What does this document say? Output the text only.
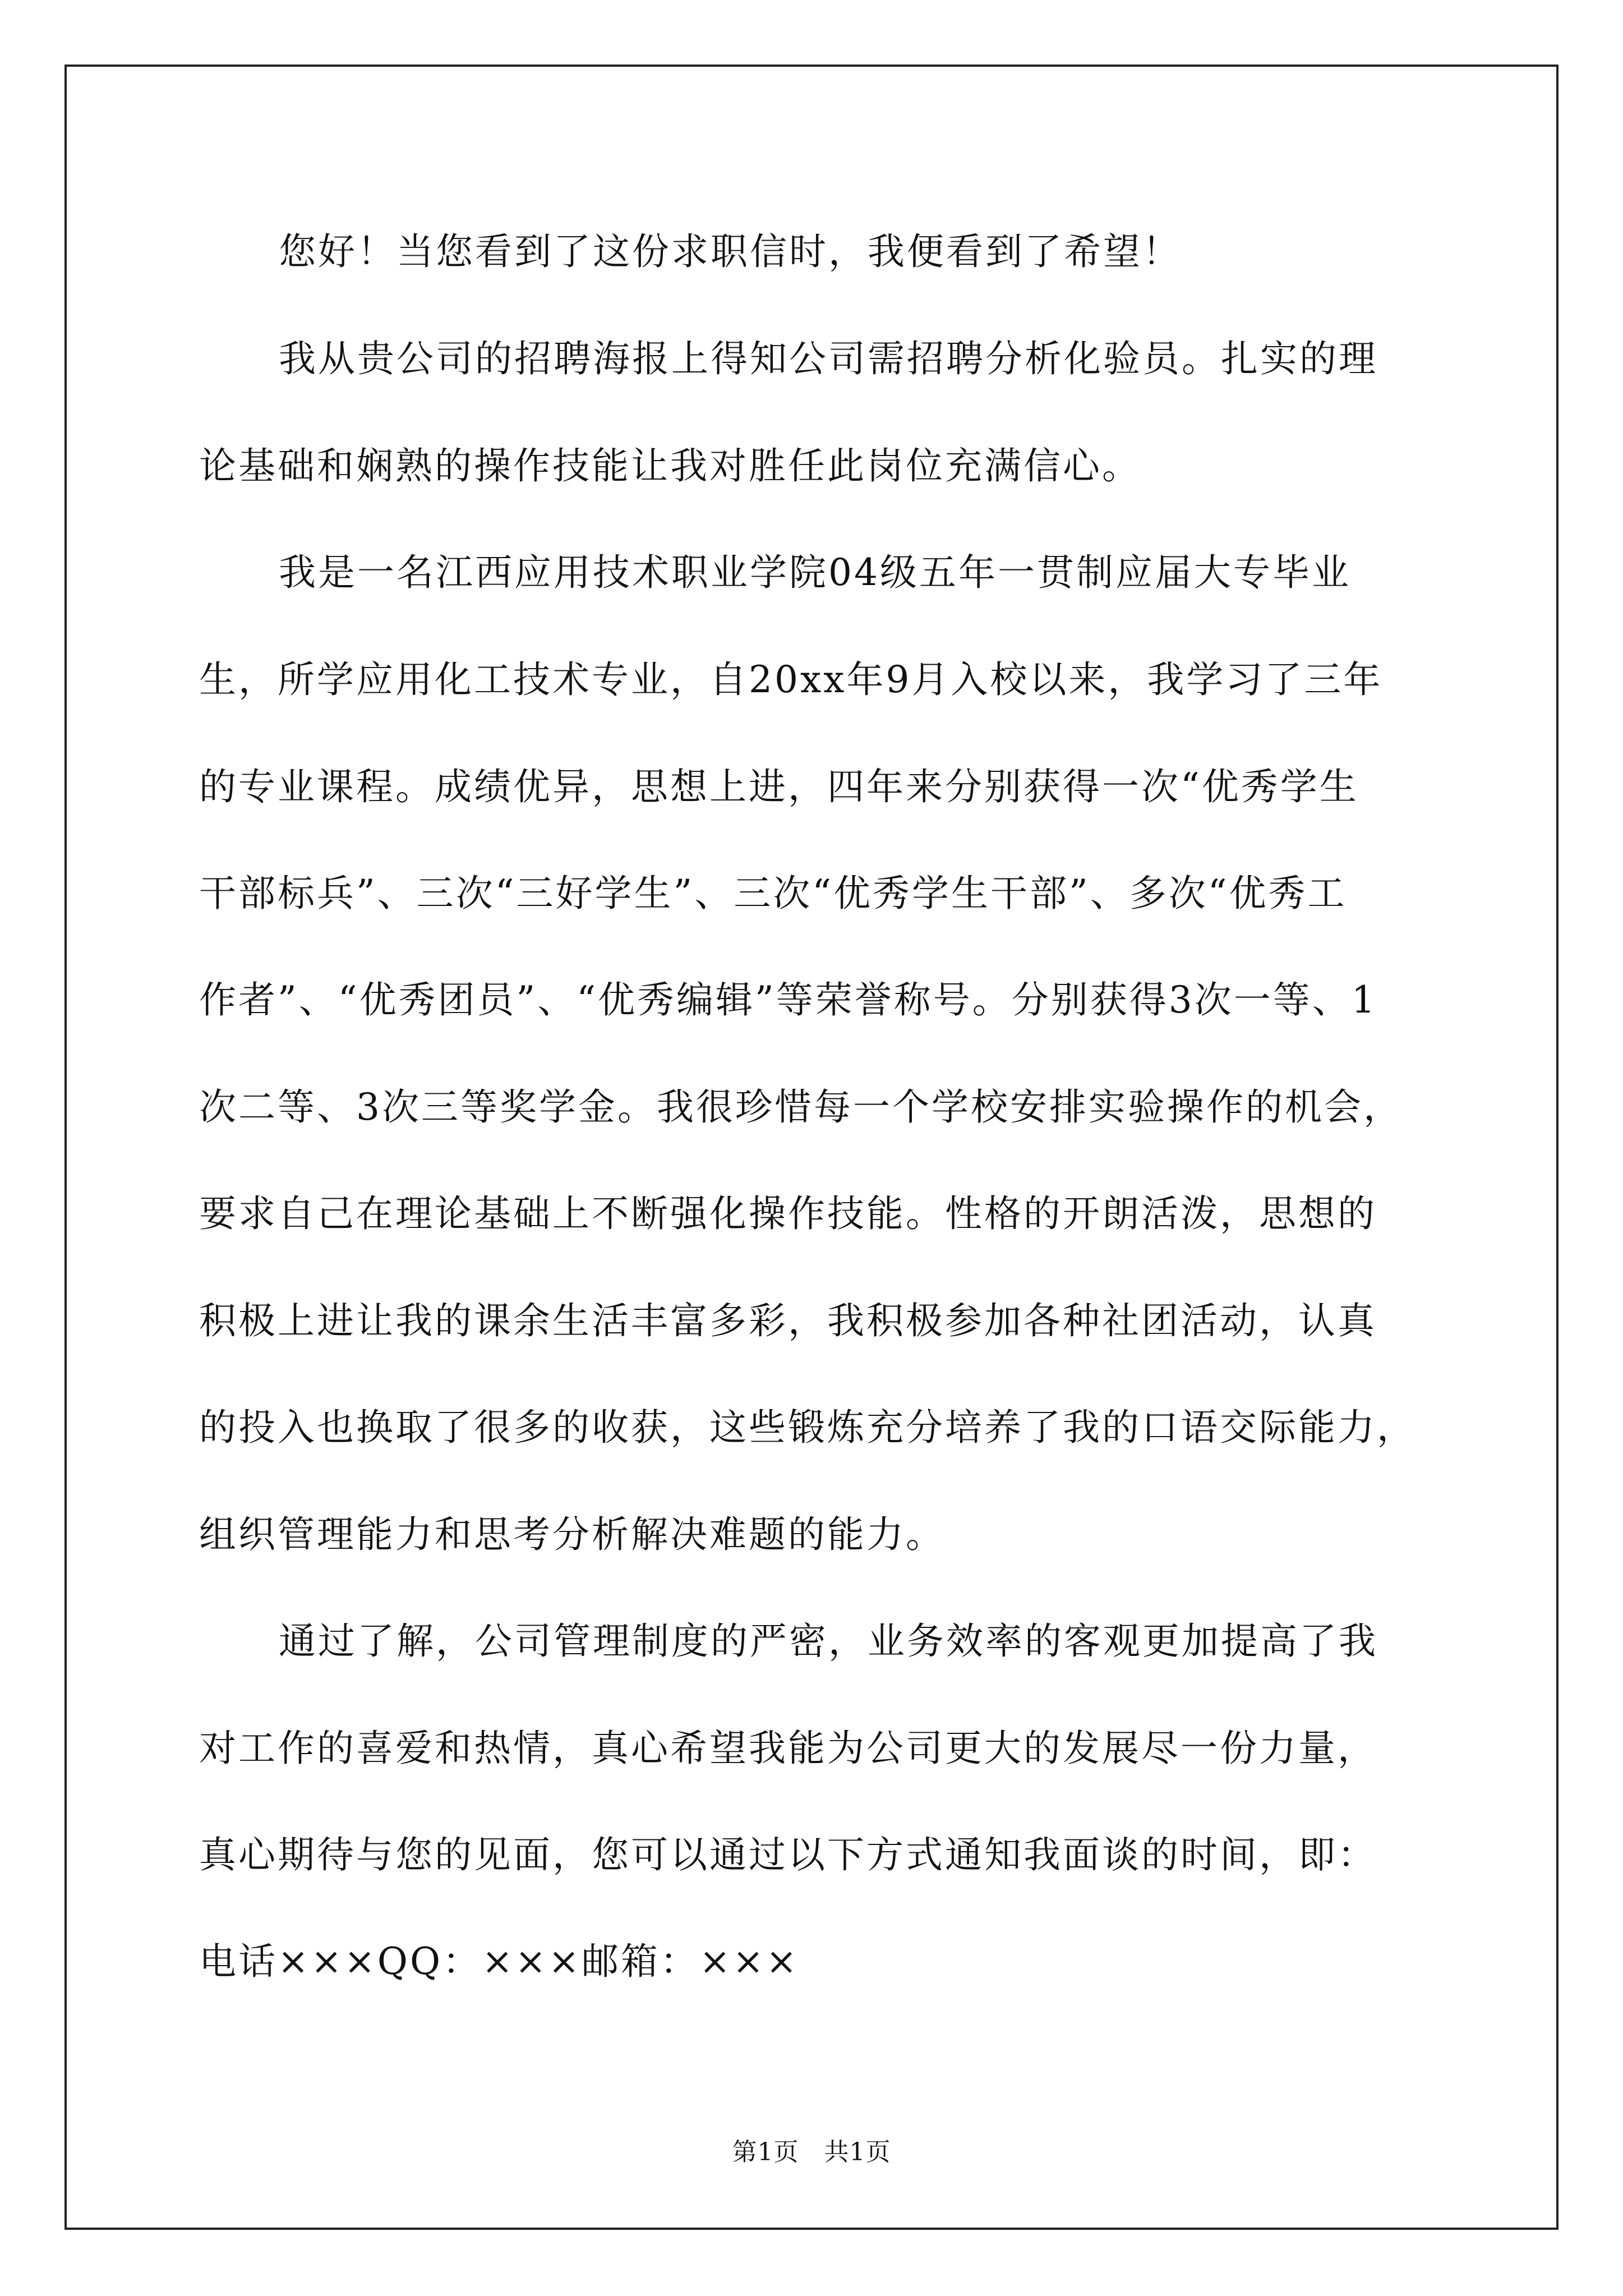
您好！当您看到了这份求职信时，我便看到了希望！
我从贵公司的招聘海报上得知公司需招聘分析化验员。扎实的理
论基础和娴熟的操作技能让我对胜任此岗位充满信心。
我是一名江西应用技术职业学院04级五年一贯制应届大专毕业
生，所学应用化工技术专业，自20xx年9月入校以来，我学习了三年
的专业课程。成绩优异，思想上进，四年来分别获得一次“优秀学生
干部标兵”、三次“三好学生”、三次“优秀学生干部”、多次“优秀工
作者”、“优秀团员”、“优秀编辑”等荣誉称号。分别获得3次一等、1
次二等、3次三等奖学金。我很珍惜每一个学校安排实验操作的机会，
要求自己在理论基础上不断强化操作技能。性格的开朗活泼，思想的
积极上进让我的课余生活丰富多彩，我积极参加各种社团活动，认真
的投入也换取了很多的收获，这些锻炼充分培养了我的口语交际能力，
组织管理能力和思考分析解决难题的能力。
通过了解，公司管理制度的严密，业务效率的客观更加提高了我
对工作的喜爱和热情，真心希望我能为公司更大的发展尽一份力量，
真心期待与您的见面，您可以通过以下方式通知我面谈的时间，即：
电话×××QQ：×××邮箱：×××
第1页   共1页
